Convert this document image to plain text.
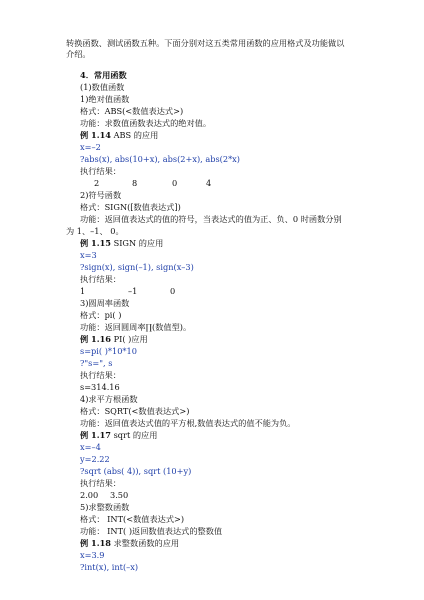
转换函数、测试函数五种。下面分别对这五类常用函数的应用格式及功能做以
介绍。
4．常用函数
(1)数值函数
1)绝对值函数
格式：ABS(<数值表达式>)
功能：求数值函数表达式的绝对值。
例 1.14 ABS 的应用
x=–2
?abs(x), abs(10+x), abs(2+x), abs(2*x)
执行结果：
2	8	0	4
2)符号函数
格式：SIGN([数值表达式])
功能：返回值表达式的值的符号，当表达式的值为正、负、0 时函数分别
为 1、–1、 0。
例 1.15 SIGN 的应用
x=3
?sign(x), sign(–1), sign(x–3)
执行结果：
1	–1	0
3)圆周率函数
格式：pi( )
功能：返回圆周率∏(数值型)。
例 1.16 PI( )应用
s=pi( )*10*10
?"s=", s
执行结果：
s=314.16
4)求平方根函数
格式：SQRT(<数值表达式>)
功能：返回值表达式值的平方根,数值表达式的值不能为负。
例 1.17 sqrt 的应用
x=–4
y=2.22
?sqrt (abs( 4)), sqrt (10+y)
执行结果：
2.00 3.50
5)求整数函数
格式： INT(<数值表达式>)
功能： INT( )返回数值表达式的整数值
例 1.18 求整数函数的应用
x=3.9
?int(x), int(–x)
